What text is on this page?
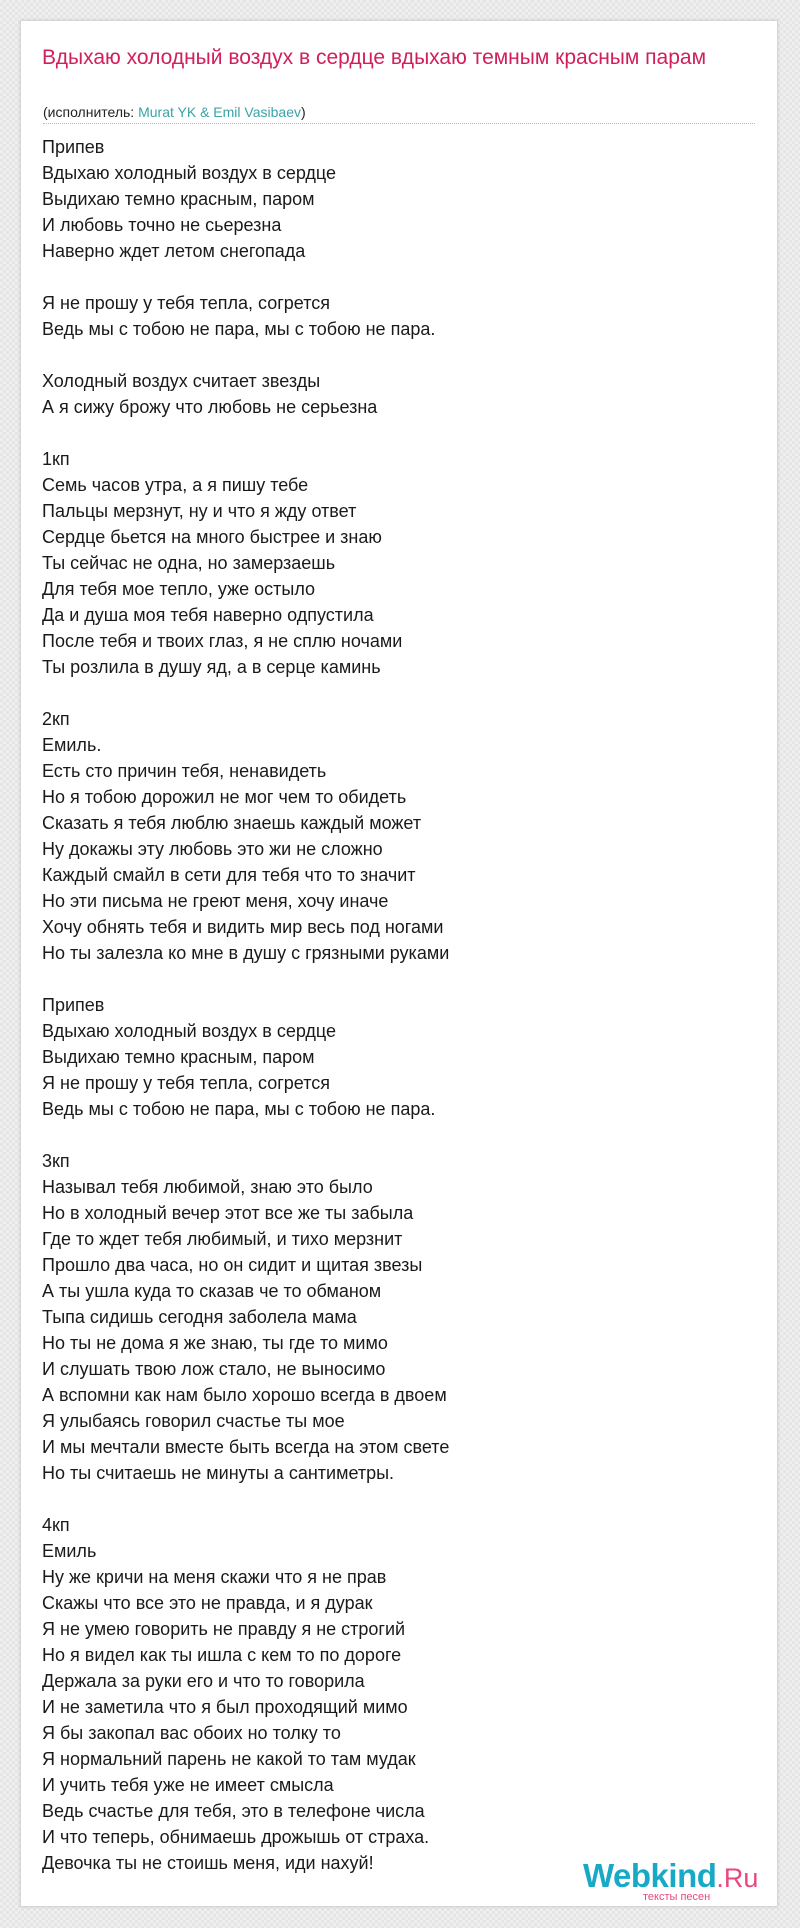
Вдыхаю холодный воздух в сердце вдыхаю темным красным парам
(исполнитель: Murat YK & Emil Vasibaev)
Припев
Вдыхаю холодный воздух в сердце
Выдихаю темно красным, паром
И любовь точно не сьерезна
Наверно ждет летом снегопада
Я не прошу у тебя тепла, согрется
Ведь мы с тобою не пара, мы с тобою не пара.
Холодный воздух считает звезды
А я сижу брожу что любовь не серьезна
1кп
Семь часов утра, а я пишу тебе
Пальцы мерзнут, ну и что я жду ответ
Сердце бьется на много быстрее и знаю
Ты сейчас не одна, но замерзаешь
Для тебя мое тепло, уже остыло
Да и душа моя тебя наверно одпустила
После тебя и твоих глаз, я не сплю ночами
Ты розлила в душу яд, а в серце каминь
2кп
Емиль.
Есть сто причин тебя, ненавидеть
Но я тобою дорожил не мог чем то обидеть
Сказать я тебя люблю знаешь каждый может
Ну докажы эту любовь это жи не сложно
Каждый смайл в сети для тебя что то значит
Но эти письма не греют меня, хочу иначе
Хочу обнять тебя и видить мир весь под ногами
Но ты залезла ко мне в душу с грязными руками
Припев
Вдыхаю холодный воздух в сердце
Выдихаю темно красным, паром
Я не прошу у тебя тепла, согрется
Ведь мы с тобою не пара, мы с тобою не пара.
3кп
Называл тебя любимой, знаю это было
Но в холодный вечер этот все же ты забыла
Где то ждет тебя любимый, и тихо мерзнит
Прошло два часа, но он сидит и щитая звезы
А ты ушла куда то сказав че то обманом
Тыпа сидишь сегодня заболела мама
Но ты не дома я же знаю, ты где то мимо
И слушать твою лож стало, не выносимо
А вспомни как нам было хорошо всегда в двоем
Я улыбаясь говорил счастье ты мое
И мы мечтали вместе быть всегда на этом свете
Но ты считаешь не минуты а сантиметры.
4кп
Емиль
Ну же кричи на меня скажи что я не прав
Скажы что все это не правда, и я дурак
Я не умею говорить не правду я не строгий
Но я видел как ты ишла с кем то по дороге
Держала за руки его и что то говорила
И не заметила что я был проходящий мимо
Я бы закопал вас обоих но толку то
Я нормальний парень не какой то там мудак
И учить тебя уже не имеет смысла
Ведь счастье для тебя, это в телефоне числа
И что теперь, обнимаешь дрожышь от страха.
Девочка ты не стоишь меня, иди нахуй!	Webkind.Ru
тексты песен
